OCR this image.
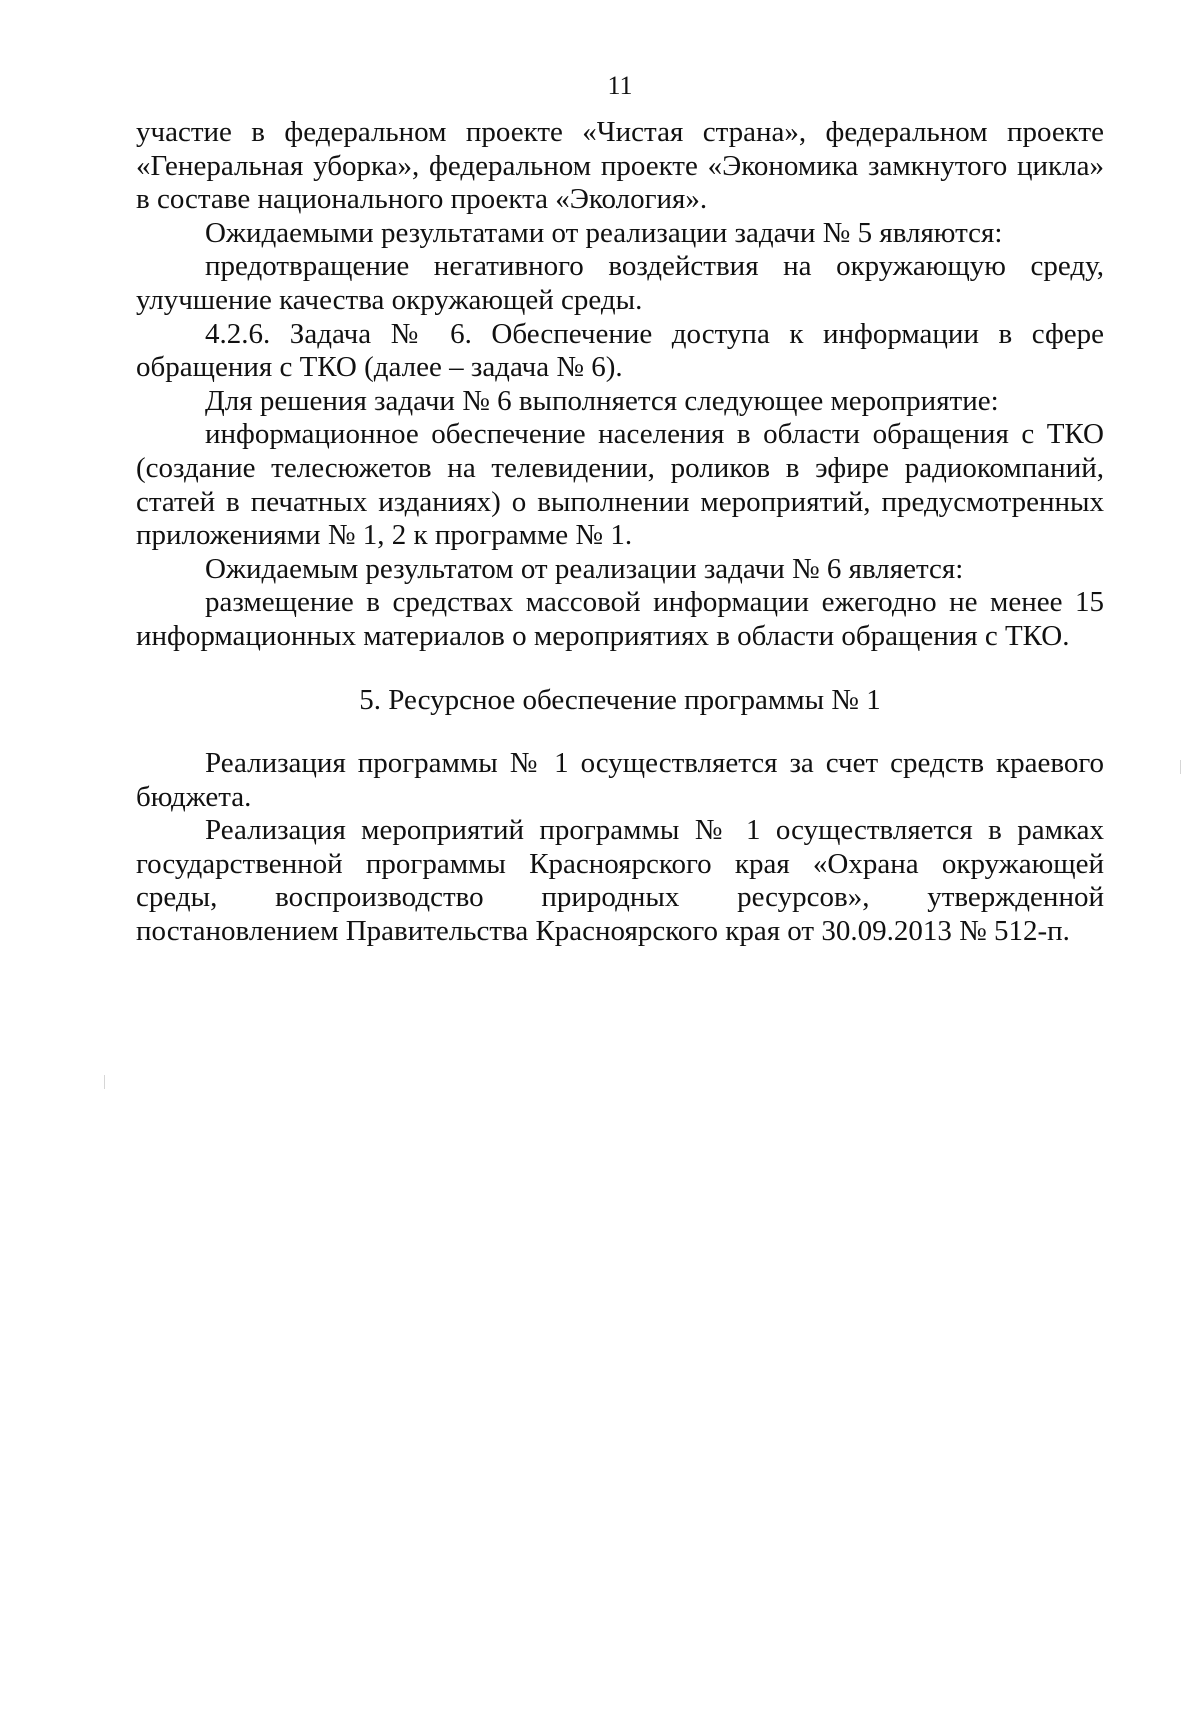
11

участие в федеральном проекте «Чистая страна», федеральном проекте «Генеральная уборка», федеральном проекте «Экономика замкнутого цикла» в составе национального проекта «Экология».

Ожидаемыми результатами от реализации задачи № 5 являются:

предотвращение негативного воздействия на окружающую среду, улучшение качества окружающей среды.

4.2.6. Задача № 6. Обеспечение доступа к информации в сфере обращения с ТКО (далее – задача № 6).

Для решения задачи № 6 выполняется следующее мероприятие:

информационное обеспечение населения в области обращения с ТКО (создание телесюжетов на телевидении, роликов в эфире радиокомпаний, статей в печатных изданиях) о выполнении мероприятий, предусмотренных приложениями № 1, 2 к программе № 1.

Ожидаемым результатом от реализации задачи № 6 является:

размещение в средствах массовой информации ежегодно не менее 15 информационных материалов о мероприятиях в области обращения с ТКО.

5. Ресурсное обеспечение программы № 1

Реализация программы № 1 осуществляется за счет средств краевого бюджета.

Реализация мероприятий программы № 1 осуществляется в рамках государственной программы Красноярского края «Охрана окружающей среды, воспроизводство природных ресурсов», утвержденной постановлением Правительства Красноярского края от 30.09.2013 № 512-п.
